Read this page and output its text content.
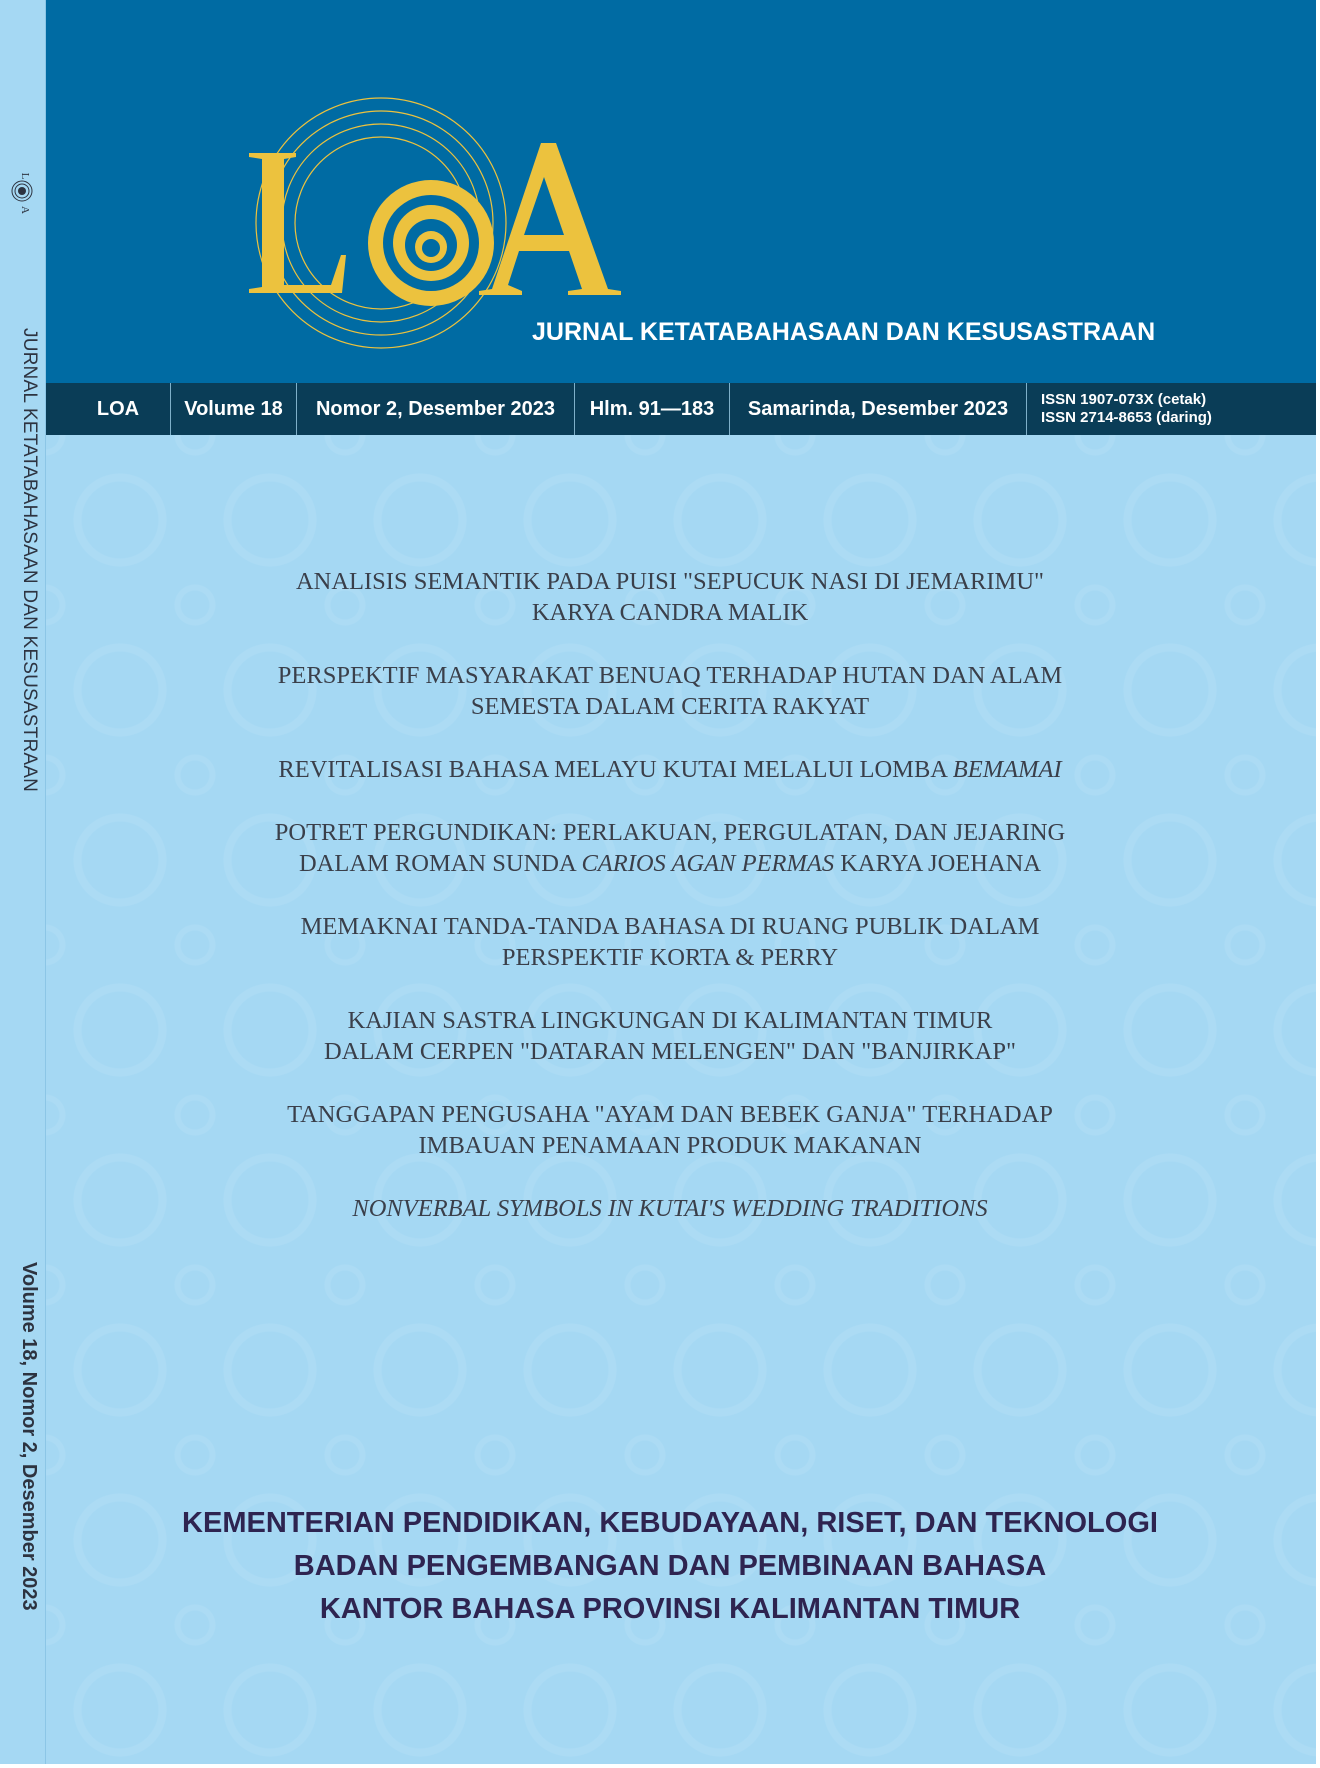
L
A
JURNAL KETATABAHASAAN DAN KESUSASTRAAN
Volume 18, Nomor 2, Desember 2023
JURNAL KETATABAHASAAN DAN KESUSASTRAAN
LOA	Volume 18	Nomor 2, Desember 2023	Hlm. 91—183	Samarinda, Desember 2023	ISSN 1907-073X (cetak)
ISSN 2714-8653 (daring)
ANALISIS SEMANTIK PADA PUISI "SEPUCUK NASI DI JEMARIMU"
KARYA CANDRA MALIK
PERSPEKTIF MASYARAKAT BENUAQ TERHADAP HUTAN DAN ALAM
SEMESTA DALAM CERITA RAKYAT
REVITALISASI BAHASA MELAYU KUTAI MELALUI LOMBA BEMAMAI
POTRET PERGUNDIKAN: PERLAKUAN, PERGULATAN, DAN JEJARING
DALAM ROMAN SUNDA CARIOS AGAN PERMAS KARYA JOEHANA
MEMAKNAI TANDA-TANDA BAHASA DI RUANG PUBLIK DALAM
PERSPEKTIF KORTA & PERRY
KAJIAN SASTRA LINGKUNGAN DI KALIMANTAN TIMUR
DALAM CERPEN "DATARAN MELENGEN" DAN "BANJIRKAP"
TANGGAPAN PENGUSAHA "AYAM DAN BEBEK GANJA" TERHADAP
IMBAUAN PENAMAAN PRODUK MAKANAN
NONVERBAL SYMBOLS IN KUTAI'S WEDDING TRADITIONS
KEMENTERIAN PENDIDIKAN, KEBUDAYAAN, RISET, DAN TEKNOLOGI
BADAN PENGEMBANGAN DAN PEMBINAAN BAHASA
KANTOR BAHASA PROVINSI KALIMANTAN TIMUR
